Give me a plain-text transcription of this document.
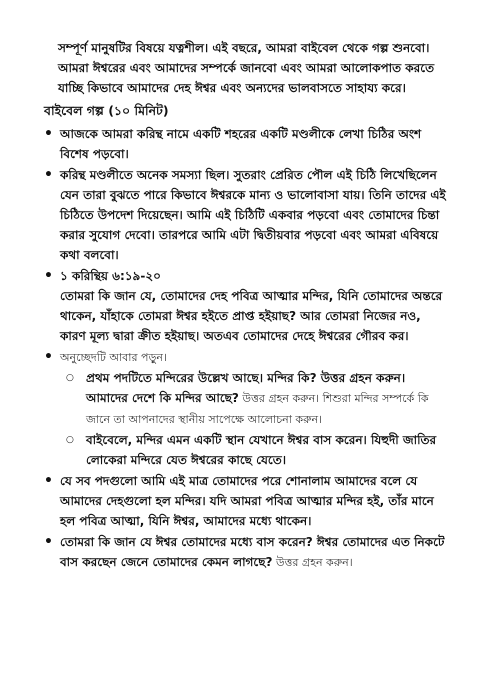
সম্পূর্ণ মানুষটির বিষয়ে যত্নশীল। এই বছরে, আমরা বাইবেল থেকে গল্প শুনবো। আমরা ঈশ্বরের এবং আমাদের সম্পর্কে জানবো এবং আমরা আলোকপাত করতে যাচ্ছি কিভাবে আমাদের দেহ ঈশ্বর এবং অন্যদের ভালবাসতে সাহায্য করে।

বাইবেল গল্প (১০ মিনিট)
• আজকে আমরা করিন্থ নামে একটি শহরের একটি মণ্ডলীকে লেখা চিঠির অংশ বিশেষ পড়বো।
• করিন্থ মণ্ডলীতে অনেক সমস্যা ছিল। সুতরাং প্রেরিত পৌল এই চিঠি লিখেছিলেন যেন তারা বুঝতে পারে কিভাবে ঈশ্বরকে মান্য ও ভালোবাসা যায়। তিনি তাদের এই চিঠিতে উপদেশ দিয়েছেন। আমি এই চিঠিটি একবার পড়বো এবং তোমাদের চিন্তা করার সুযোগ দেবো। তারপরে আমি এটা দ্বিতীয়বার পড়বো এবং আমরা এবিষয়ে কথা বলবো।
• ১ করিন্থিয় ৬:১৯-২০
তোমরা কি জান যে, তোমাদের দেহ পবিত্র আত্মার মন্দির, যিনি তোমাদের অন্তরে থাকেন, যাঁহাকে তোমরা ঈশ্বর হইতে প্রাপ্ত হইয়াছ? আর তোমরা নিজের নও, কারণ মূল্য দ্বারা ক্রীত হইয়াছ। অতএব তোমাদের দেহে ঈশ্বরের গৌরব কর।
• অনুচ্ছেদটি আবার পড়ুন।
○ প্রথম পদটিতে মন্দিরের উল্লেখ আছে। মন্দির কি? উত্তর গ্রহন করুন। আমাদের দেশে কি মন্দির আছে? উত্তর গ্রহন করুন। শিশুরা মন্দির সম্পর্কে কি জানে তা আপনাদের স্থানীয় সাপেক্ষে আলোচনা করুন।
○ বাইবেলে, মন্দির এমন একটি স্থান যেখানে ঈশ্বর বাস করেন। যিহুদী জাতির লোকেরা মন্দিরে যেত ঈশ্বরের কাছে যেতে।
• যে সব পদগুলো আমি এই মাত্র তোমাদের পরে শোনালাম আমাদের বলে যে আমাদের দেহগুলো হল মন্দির। যদি আমরা পবিত্র আত্মার মন্দির হই, তাঁর মানে হল পবিত্র আত্মা, যিনি ঈশ্বর, আমাদের মধ্যে থাকেন।
• তোমরা কি জান যে ঈশ্বর তোমাদের মধ্যে বাস করেন? ঈশ্বর তোমাদের এত নিকটে বাস করছেন জেনে তোমাদের কেমন লাগছে? উত্তর গ্রহন করুন।
